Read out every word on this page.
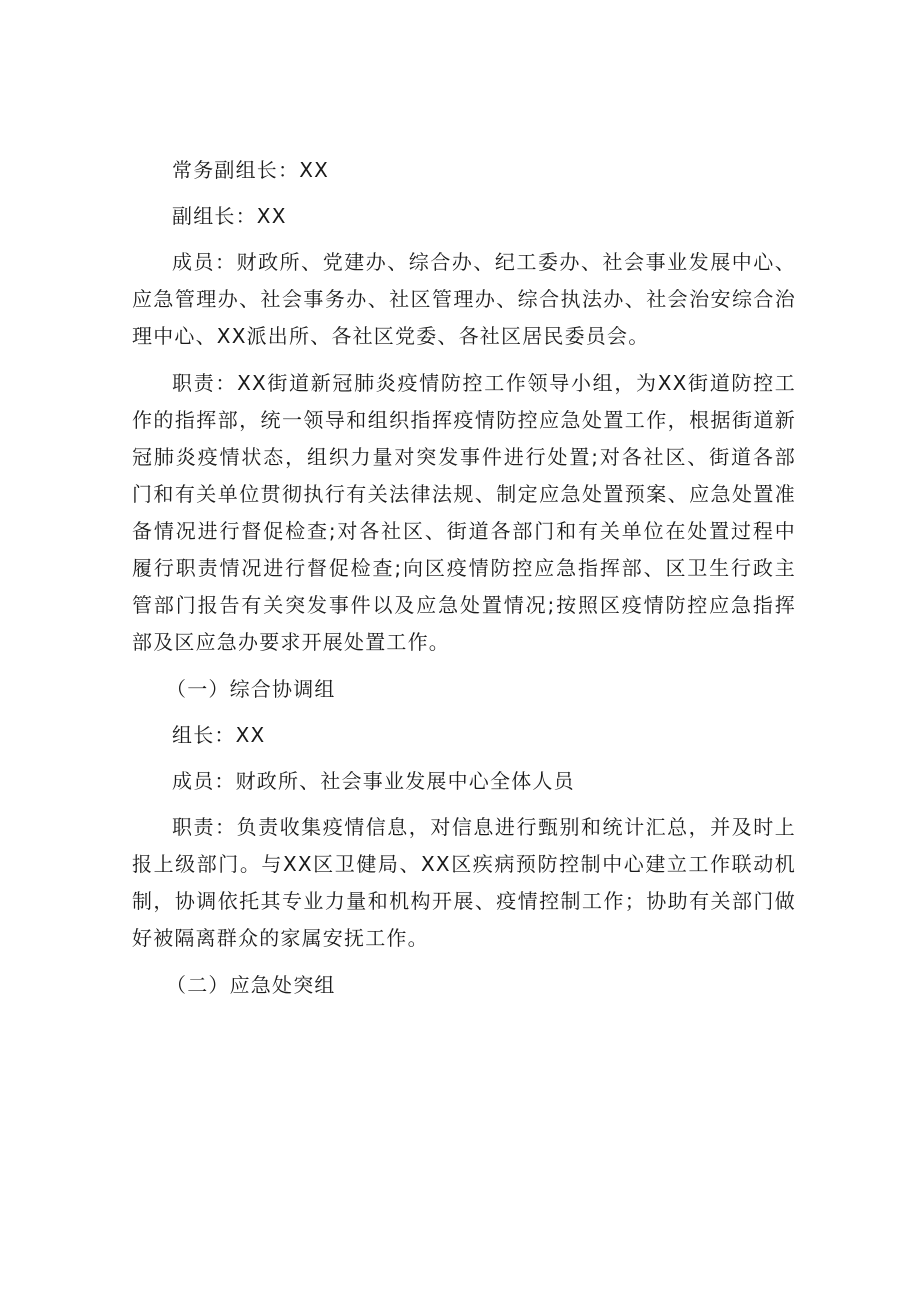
常务副组长：XX

副组长：XX

成员：财政所、党建办、综合办、纪工委办、社会事业发展中心、应急管理办、社会事务办、社区管理办、综合执法办、社会治安综合治理中心、XX派出所、各社区党委、各社区居民委员会。

职责：XX街道新冠肺炎疫情防控工作领导小组，为XX街道防控工作的指挥部，统一领导和组织指挥疫情防控应急处置工作，根据街道新冠肺炎疫情状态，组织力量对突发事件进行处置;对各社区、街道各部门和有关单位贯彻执行有关法律法规、制定应急处置预案、应急处置准备情况进行督促检查;对各社区、街道各部门和有关单位在处置过程中履行职责情况进行督促检查;向区疫情防控应急指挥部、区卫生行政主管部门报告有关突发事件以及应急处置情况;按照区疫情防控应急指挥部及区应急办要求开展处置工作。

（一）综合协调组

组长：XX

成员：财政所、社会事业发展中心全体人员

职责：负责收集疫情信息，对信息进行甄别和统计汇总，并及时上报上级部门。与XX区卫健局、XX区疾病预防控制中心建立工作联动机制，协调依托其专业力量和机构开展、疫情控制工作；协助有关部门做好被隔离群众的家属安抚工作。

（二）应急处突组
